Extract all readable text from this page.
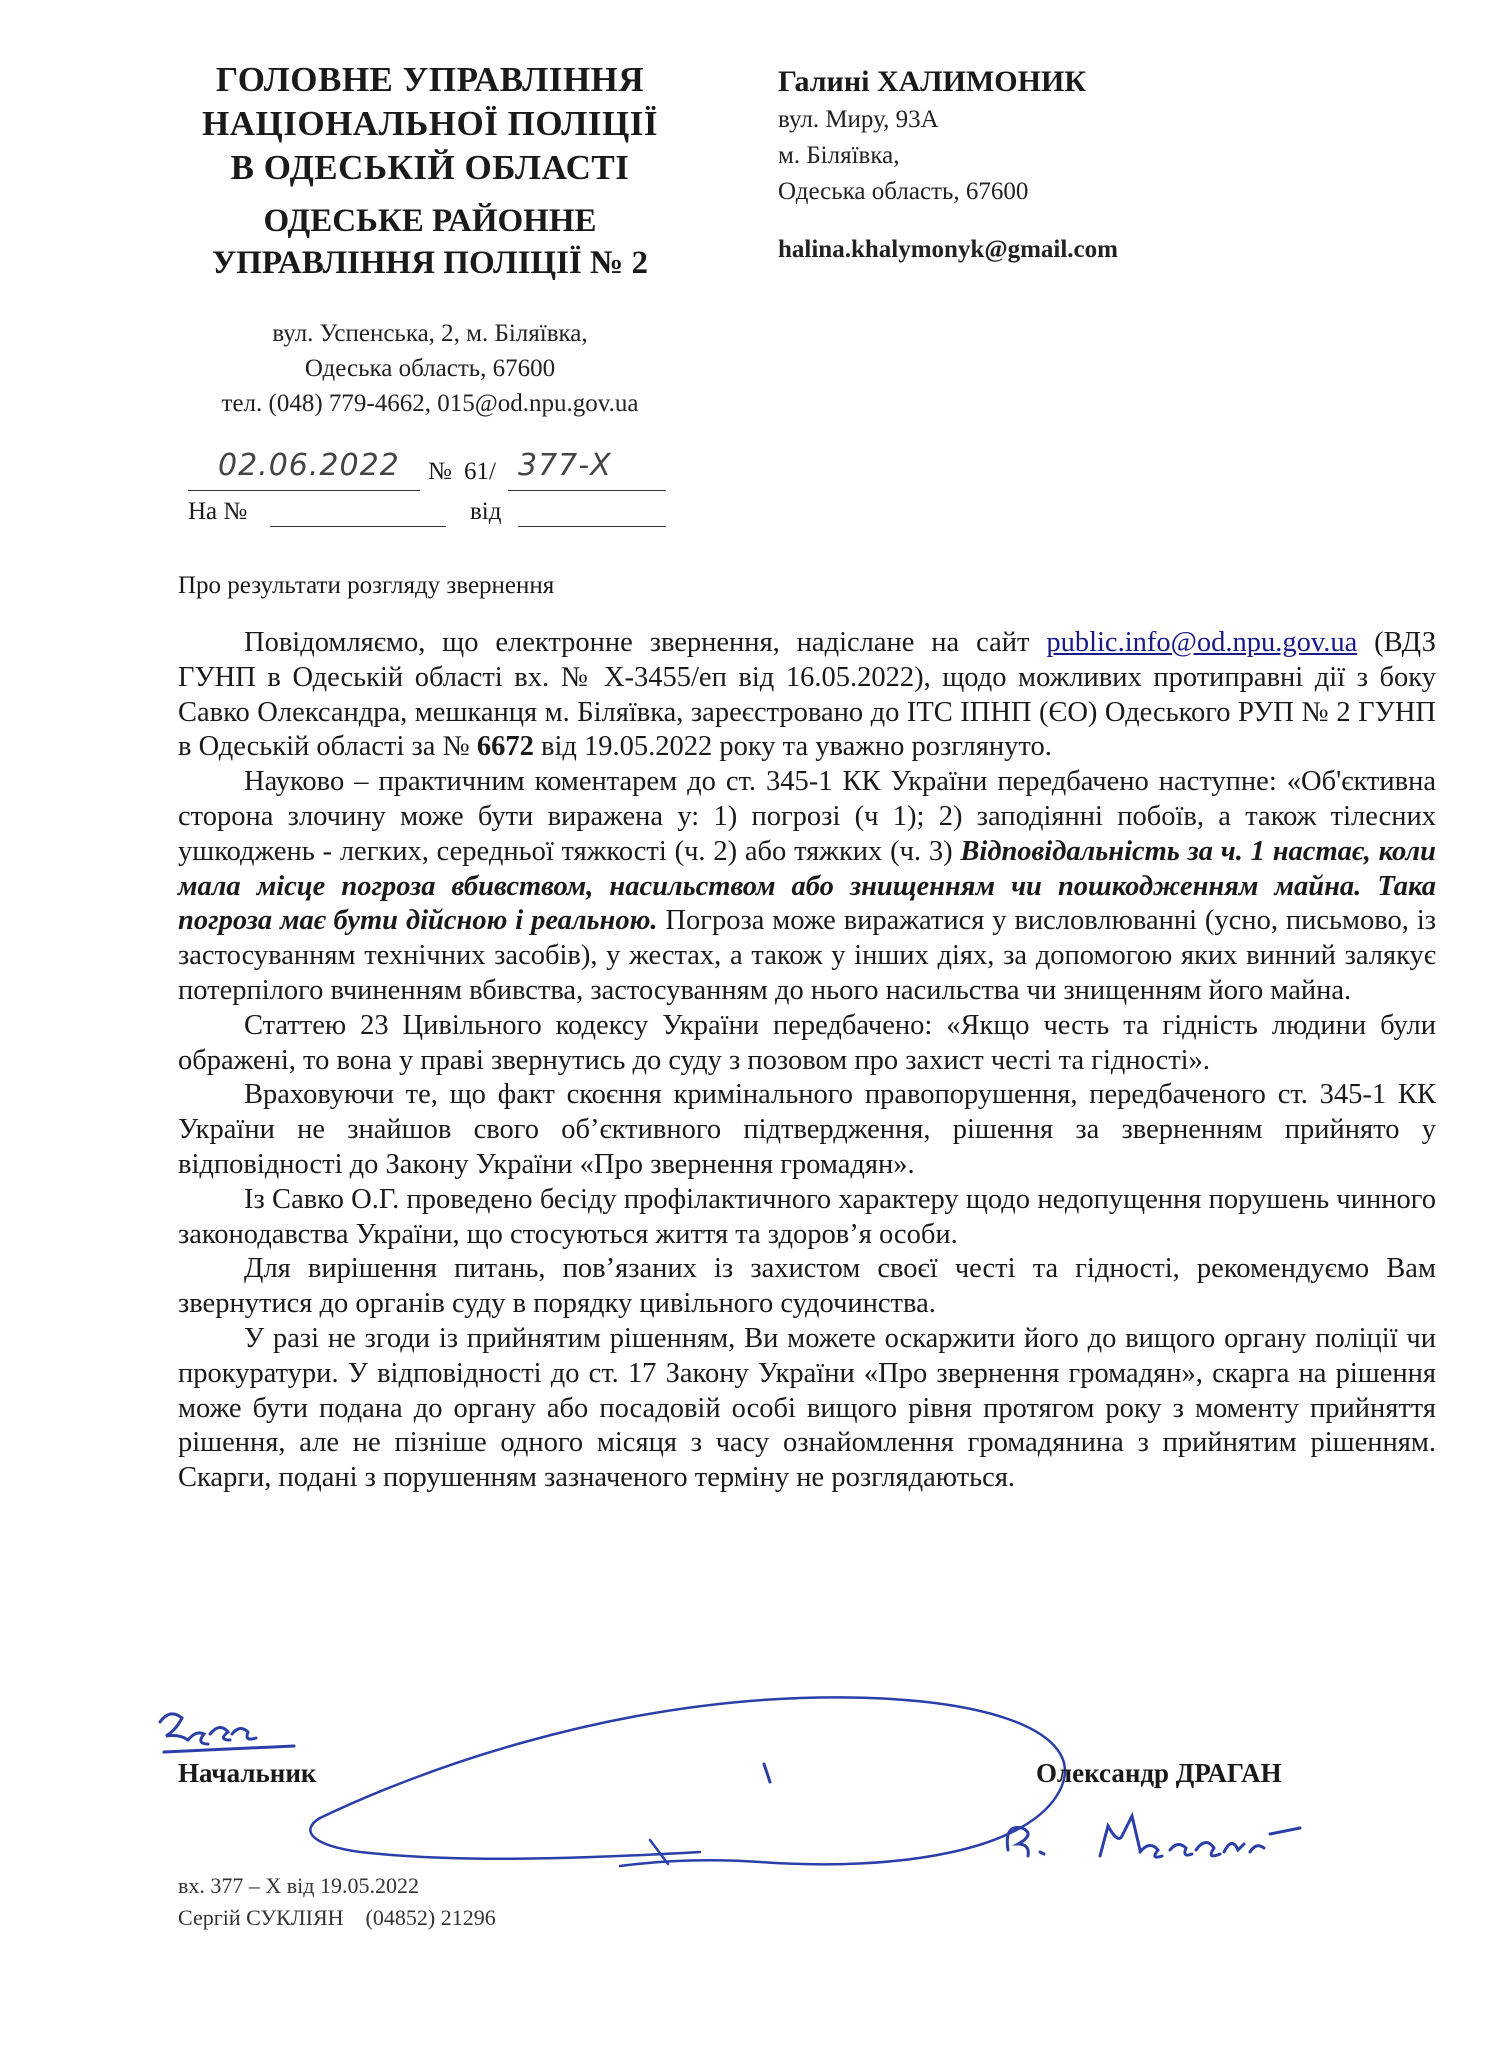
ГОЛОВНЕ УПРАВЛІННЯ
НАЦІОНАЛЬНОЇ ПОЛІЦІЇ
В ОДЕСЬКІЙ ОБЛАСТІ
ОДЕСЬКЕ РАЙОННЕ
УПРАВЛІННЯ ПОЛІЦІЇ № 2
вул. Успенська, 2, м. Біляївка,
Одеська область, 67600
тел. (048) 779-4662, 015@od.npu.gov.ua
Галині ХАЛИМОНИК
вул. Миру, 93А
м. Біляївка,
Одеська область, 67600
halina.khalymonyk@gmail.com
02.06.2022 № 61/ 377-Х
На №	від
Про результати розгляду звернення

Повідомляємо, що електронне звернення, надіслане на сайт public.info@od.npu.gov.ua (ВДЗ ГУНП в Одеській області вх. № Х-3455/еп від 16.05.2022), щодо можливих протиправні дії з боку Савко Олександра, мешканця м. Біляївка, зареєстровано до ІТС ІПНП (ЄО) Одеського РУП № 2 ГУНП в Одеській області за № 6672 від 19.05.2022 року та уважно розглянуто.

Науково – практичним коментарем до ст. 345-1 КК України передбачено наступне: «Об'єктивна сторона злочину може бути виражена у: 1) погрозі (ч 1); 2) заподіянні побоїв, а також тілесних ушкоджень - легких, середньої тяжкості (ч. 2) або тяжких (ч. 3) Відповідальність за ч. 1 настає, коли мала місце погроза вбивством, насильством або знищенням чи пошкодженням майна. Така погроза має бути дійсною і реальною. Погроза може виражатися у висловлюванні (усно, письмово, із застосуванням технічних засобів), у жестах, а також у інших діях, за допомогою яких винний залякує потерпілого вчиненням вбивства, застосуванням до нього насильства чи знищенням його майна.

Статтею 23 Цивільного кодексу України передбачено: «Якщо честь та гідність людини були ображені, то вона у праві звернутись до суду з позовом про захист честі та гідності».

Враховуючи те, що факт скоєння кримінального правопорушення, передбаченого ст. 345-1 КК України не знайшов свого об’єктивного підтвердження, рішення за зверненням прийнято у відповідності до Закону України «Про звернення громадян».

Із Савко О.Г. проведено бесіду профілактичного характеру щодо недопущення порушень чинного законодавства України, що стосуються життя та здоров’я особи.

Для вирішення питань, пов’язаних із захистом своєї честі та гідності, рекомендуємо Вам звернутися до органів суду в порядку цивільного судочинства.

У разі не згоди із прийнятим рішенням, Ви можете оскаржити його до вищого органу поліції чи прокуратури. У відповідності до ст. 17 Закону України «Про звернення громадян», скарга на рішення може бути подана до органу або посадовій особі вищого рівня протягом року з моменту прийняття рішення, але не пізніше одного місяця з часу ознайомлення громадянина з прийнятим рішенням. Скарги, подані з порушенням зазначеного терміну не розглядаються.

Начальник	Олександр ДРАГАН
вх. 377 – Х від 19.05.2022
Сергій СУКЛІЯН    (04852) 21296
